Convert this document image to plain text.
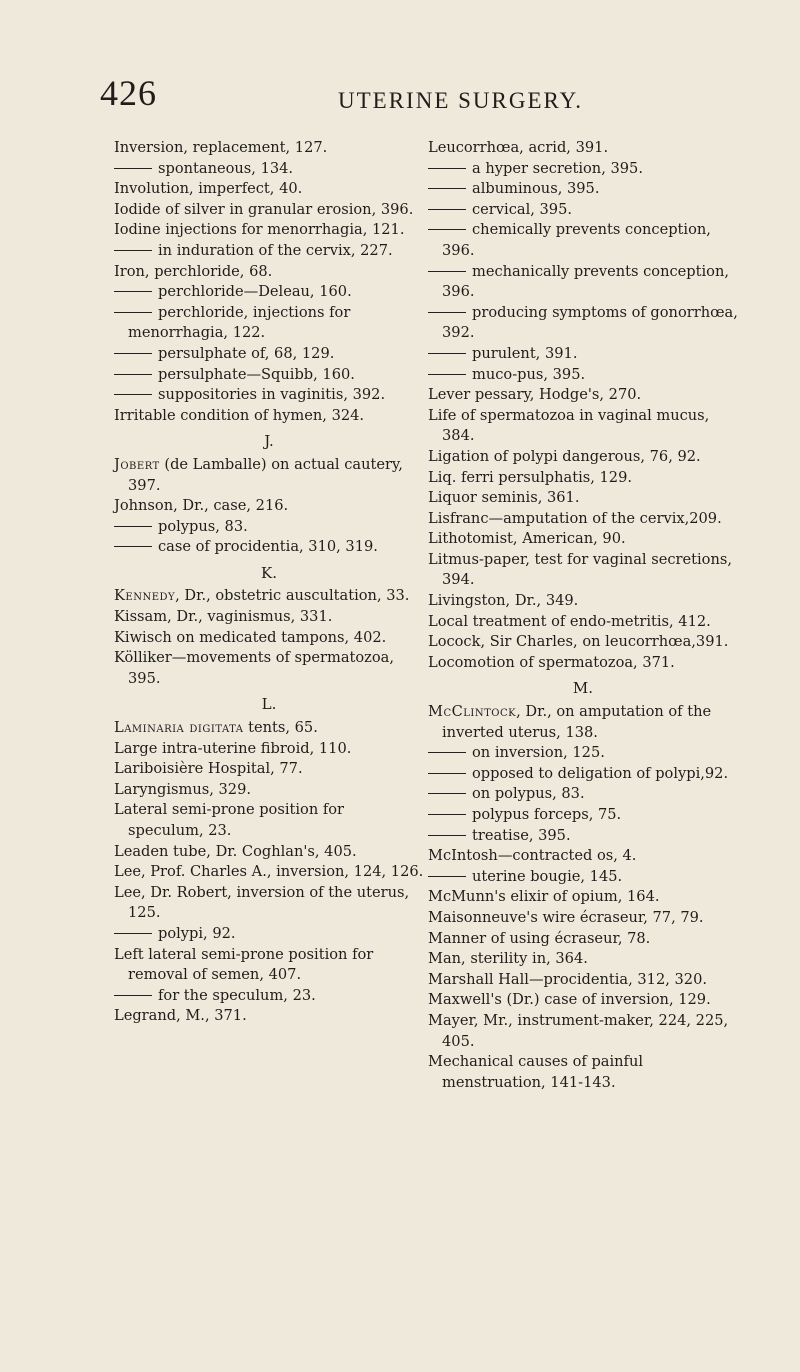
426	UTERINE SURGERY.

Inversion, replacement, 127.

spontaneous, 134.

Involution, imperfect, 40.

Iodide of silver in granular erosion, 396.

Iodine injections for menorrhagia, 121.

in induration of the cervix, 227.

Iron, perchloride, 68.

perchloride—Deleau, 160.

perchloride, injections for menorrhagia, 122.

persulphate of, 68, 129.

persulphate—Squibb, 160.

suppositories in vaginitis, 392.

Irritable condition of hymen, 324.

J.

Jobert (de Lamballe) on actual cautery, 397.

Johnson, Dr., case, 216.

polypus, 83.

case of procidentia, 310, 319.

K.

Kennedy, Dr., obstetric auscultation, 33.

Kissam, Dr., vaginismus, 331.

Kiwisch on medicated tampons, 402.

Kölliker—movements of spermatozoa, 395.

L.

Laminaria digitata tents, 65.

Large intra-uterine fibroid, 110.

Lariboisière Hospital, 77.

Laryngismus, 329.

Lateral semi-prone position for speculum, 23.

Leaden tube, Dr. Coghlan's, 405.

Lee, Prof. Charles A., inversion, 124, 126.

Lee, Dr. Robert, inversion of the uterus, 125.

polypi, 92.

Left lateral semi-prone position for removal of semen, 407.

for the speculum, 23.

Legrand, M., 371.

Leucorrhœa, acrid, 391.

a hyper secretion, 395.

albuminous, 395.

cervical, 395.

chemically prevents conception, 396.

mechanically prevents conception, 396.

producing symptoms of gonorrhœa, 392.

purulent, 391.

muco-pus, 395.

Lever pessary, Hodge's, 270.

Life of spermatozoa in vaginal mucus, 384.

Ligation of polypi dangerous, 76, 92.

Liq. ferri persulphatis, 129.

Liquor seminis, 361.

Lisfranc—amputation of the cervix,209.

Lithotomist, American, 90.

Litmus-paper, test for vaginal secretions, 394.

Livingston, Dr., 349.

Local treatment of endo-metritis, 412.

Locock, Sir Charles, on leucorrhœa,391.

Locomotion of spermatozoa, 371.

M.

McClintock, Dr., on amputation of the inverted uterus, 138.

on inversion, 125.

opposed to deligation of polypi,92.

on polypus, 83.

polypus forceps, 75.

treatise, 395.

McIntosh—contracted os, 4.

uterine bougie, 145.

McMunn's elixir of opium, 164.

Maisonneuve's wire écraseur, 77, 79.

Manner of using écraseur, 78.

Man, sterility in, 364.

Marshall Hall—procidentia, 312, 320.

Maxwell's (Dr.) case of inversion, 129.

Mayer, Mr., instrument-maker, 224, 225, 405.

Mechanical causes of painful menstruation, 141-143.
